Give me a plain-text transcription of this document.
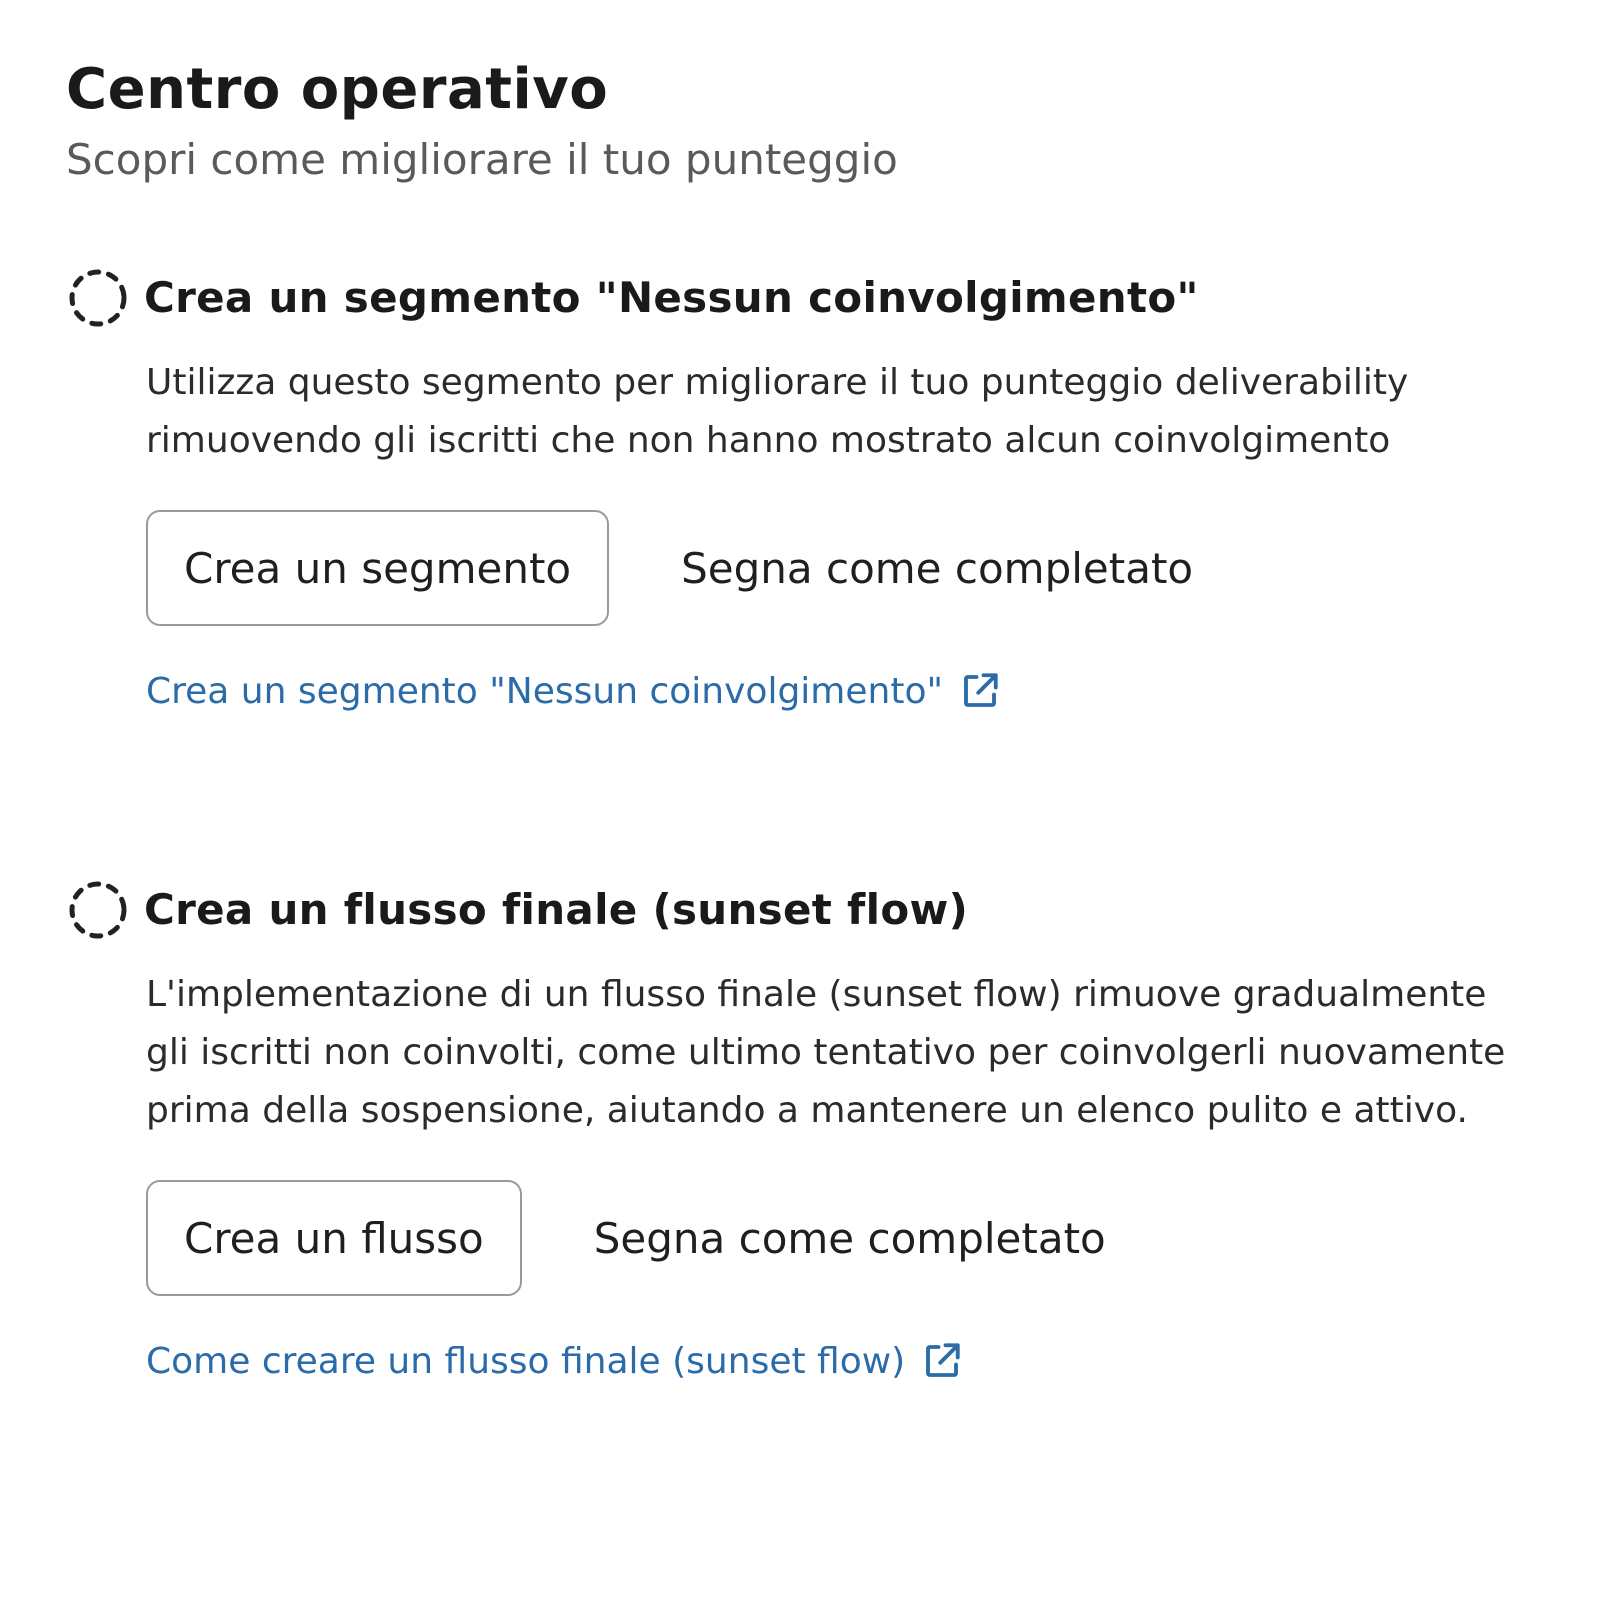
Centro operativo

Scopri come migliorare il tuo punteggio

Crea un segmento "Nessun coinvolgimento"
Utilizza questo segmento per migliorare il tuo punteggio deliverability rimuovendo gli iscritti che non hanno mostrato alcun coinvolgimento
Crea un segmento	Segna come completato
Crea un segmento "Nessun coinvolgimento"
Crea un flusso finale (sunset flow)
L'implementazione di un flusso finale (sunset flow) rimuove gradualmente gli iscritti non coinvolti, come ultimo tentativo per coinvolgerli nuovamente prima della sospensione, aiutando a mantenere un elenco pulito e attivo.
Crea un flusso	Segna come completato
Come creare un flusso finale (sunset flow)
